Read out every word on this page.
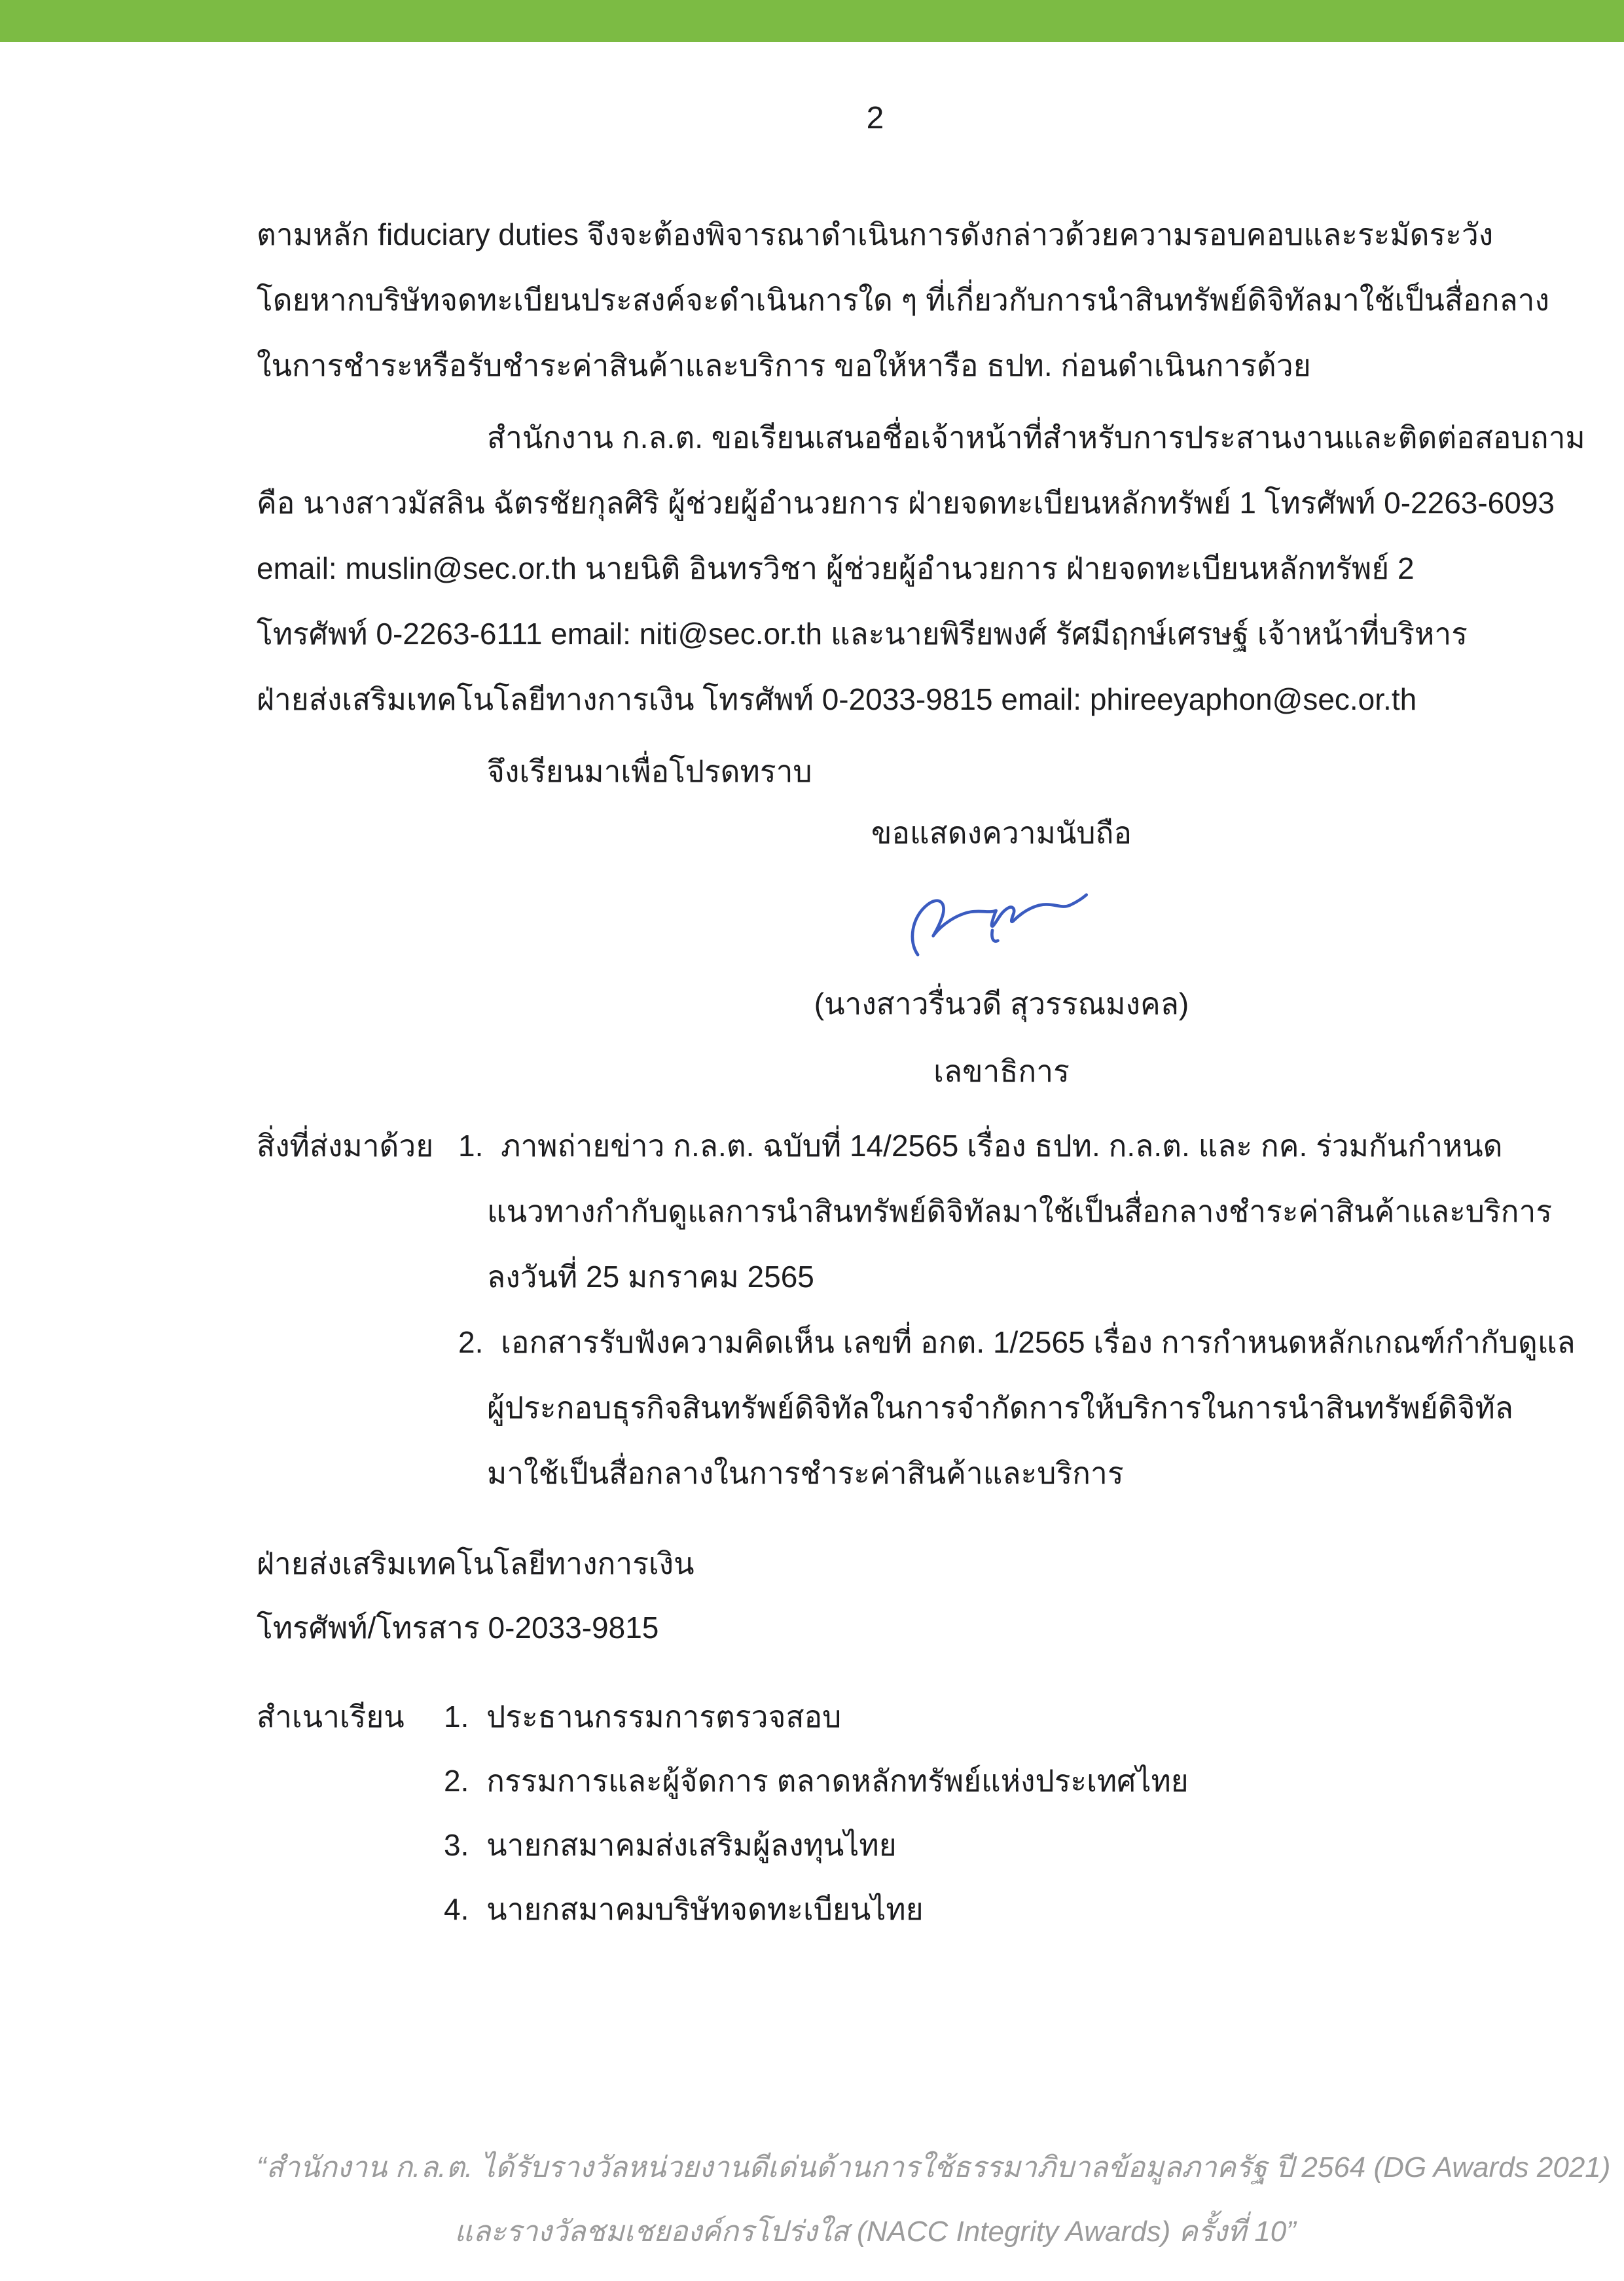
2
ตามหลัก fiduciary duties จึงจะต้องพิจารณาดำเนินการดังกล่าวด้วยความรอบคอบและระมัดระวัง
โดยหากบริษัทจดทะเบียนประสงค์จะดำเนินการใด ๆ ที่เกี่ยวกับการนำสินทรัพย์ดิจิทัลมาใช้เป็นสื่อกลาง
ในการชำระหรือรับชำระค่าสินค้าและบริการ ขอให้หารือ ธปท. ก่อนดำเนินการด้วย
สำนักงาน ก.ล.ต. ขอเรียนเสนอชื่อเจ้าหน้าที่สำหรับการประสานงานและติดต่อสอบถาม
คือ นางสาวมัสลิน ฉัตรชัยกุลศิริ ผู้ช่วยผู้อำนวยการ ฝ่ายจดทะเบียนหลักทรัพย์ 1 โทรศัพท์ 0-2263-6093
email: muslin@sec.or.th นายนิติ อินทรวิชา ผู้ช่วยผู้อำนวยการ ฝ่ายจดทะเบียนหลักทรัพย์ 2
โทรศัพท์ 0-2263-6111 email: niti@sec.or.th และนายพิรียพงศ์ รัศมีฤกษ์เศรษฐ์ เจ้าหน้าที่บริหาร
ฝ่ายส่งเสริมเทคโนโลยีทางการเงิน โทรศัพท์ 0-2033-9815 email: phireeyaphon@sec.or.th
จึงเรียนมาเพื่อโปรดทราบ
ขอแสดงความนับถือ
(นางสาวรื่นวดี สุวรรณมงคล)
เลขาธิการ
สิ่งที่ส่งมาด้วย 1. ภาพถ่ายข่าว ก.ล.ต. ฉบับที่ 14/2565 เรื่อง ธปท. ก.ล.ต. และ กค. ร่วมกันกำหนด
แนวทางกำกับดูแลการนำสินทรัพย์ดิจิทัลมาใช้เป็นสื่อกลางชำระค่าสินค้าและบริการ
ลงวันที่ 25 มกราคม 2565
2. เอกสารรับฟังความคิดเห็น เลขที่ อกต. 1/2565 เรื่อง การกำหนดหลักเกณฑ์กำกับดูแล
ผู้ประกอบธุรกิจสินทรัพย์ดิจิทัลในการจำกัดการให้บริการในการนำสินทรัพย์ดิจิทัล
มาใช้เป็นสื่อกลางในการชำระค่าสินค้าและบริการ
ฝ่ายส่งเสริมเทคโนโลยีทางการเงิน
โทรศัพท์/โทรสาร 0-2033-9815
สำเนาเรียน 1. ประธานกรรมการตรวจสอบ
2. กรรมการและผู้จัดการ ตลาดหลักทรัพย์แห่งประเทศไทย
3. นายกสมาคมส่งเสริมผู้ลงทุนไทย
4. นายกสมาคมบริษัทจดทะเบียนไทย
“สำนักงาน ก.ล.ต. ได้รับรางวัลหน่วยงานดีเด่นด้านการใช้ธรรมาภิบาลข้อมูลภาครัฐ ปี 2564 (DG Awards 2021)
และรางวัลชมเชยองค์กรโปร่งใส (NACC Integrity Awards) ครั้งที่ 10”
